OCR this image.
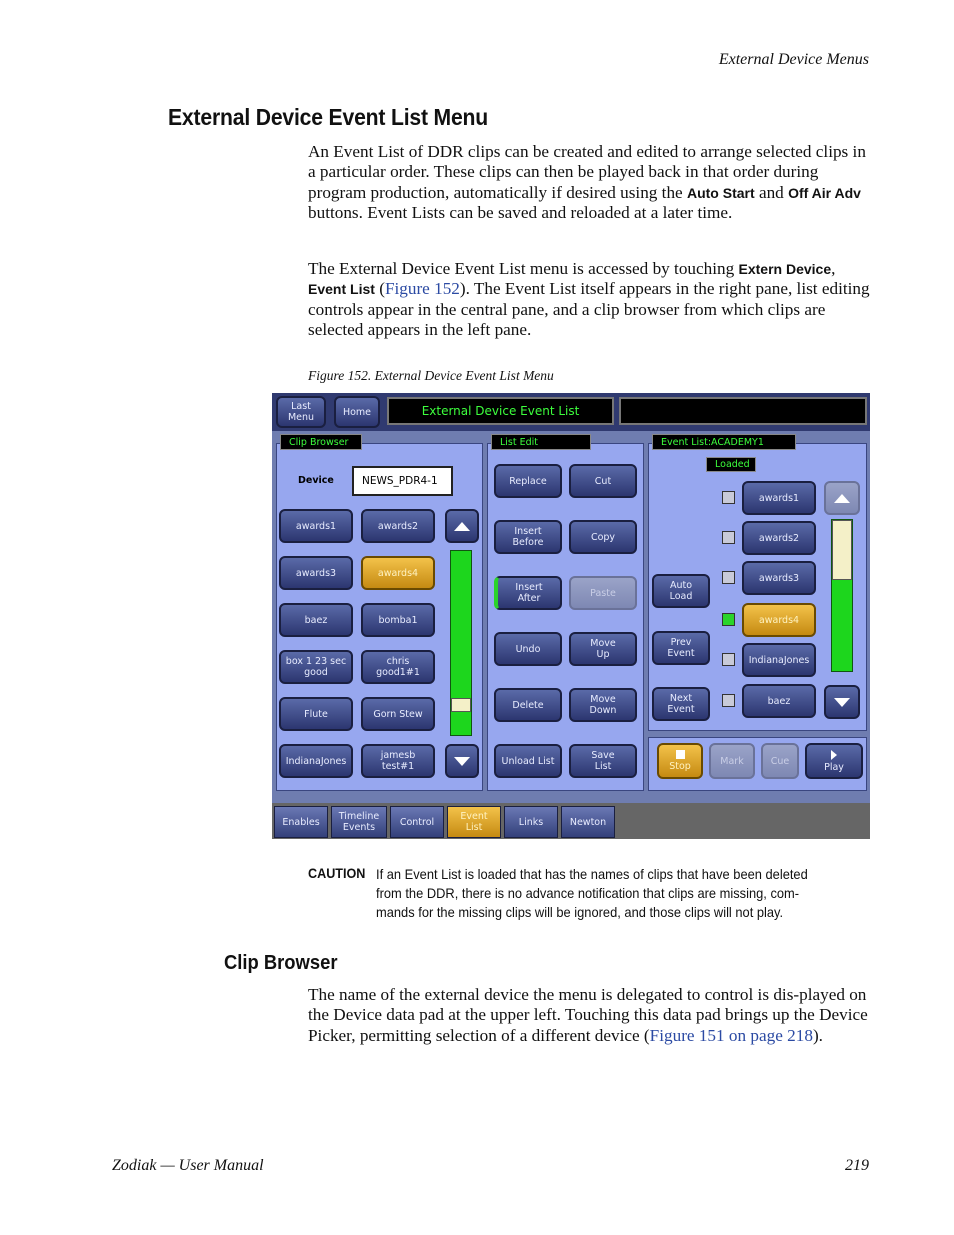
External Device Menus
External Device Event List Menu
An Event List of DDR clips can be created and edited to arrange selected clips in a particular order. These clips can then be played back in that order during program production, automatically if desired using the Auto Start and Off Air Adv buttons. Event Lists can be saved and reloaded at a later time.
The External Device Event List menu is accessed by touching Extern Device, Event List (Figure 152). The Event List itself appears in the right pane, list editing controls appear in the central pane, and a clip browser from which clips are selected appears in the left pane.
Figure 152. External Device Event List Menu
Last
Menu	Home	External Device Event List
Clip Browser
Device	NEWS_PDR4-1
awards1	awards2
awards3	awards4
baez	bomba1
box 1 23 sec
good
chris
good1#1
Flute	Gorn Stew
IndianaJones	jamesb
test#1
List Edit
Replace	Cut
Insert
Before	Copy
Insert
After	Paste
Undo	Move
Up
Delete	Move
Down
Unload List	Save
List
Event List:ACADEMY1
Loaded
awards1
awards2
awards3
awards4
IndianaJones
baez
Auto
Load
Prev
Event
Next
Event
Stop	Mark	Cue
Play
Enables	Timeline
Events	Control	Event
List	Links	Newton
CAUTION If an Event List is loaded that has the names of clips that have been deleted from the DDR, there is no advance notification that clips are missing, com-mands for the missing clips will be ignored, and those clips will not play.
Clip Browser
The name of the external device the menu is delegated to control is dis-played on the Device data pad at the upper left. Touching this data pad brings up the Device Picker, permitting selection of a different device (Figure 151 on page 218).
Zodiak — User Manual	219
